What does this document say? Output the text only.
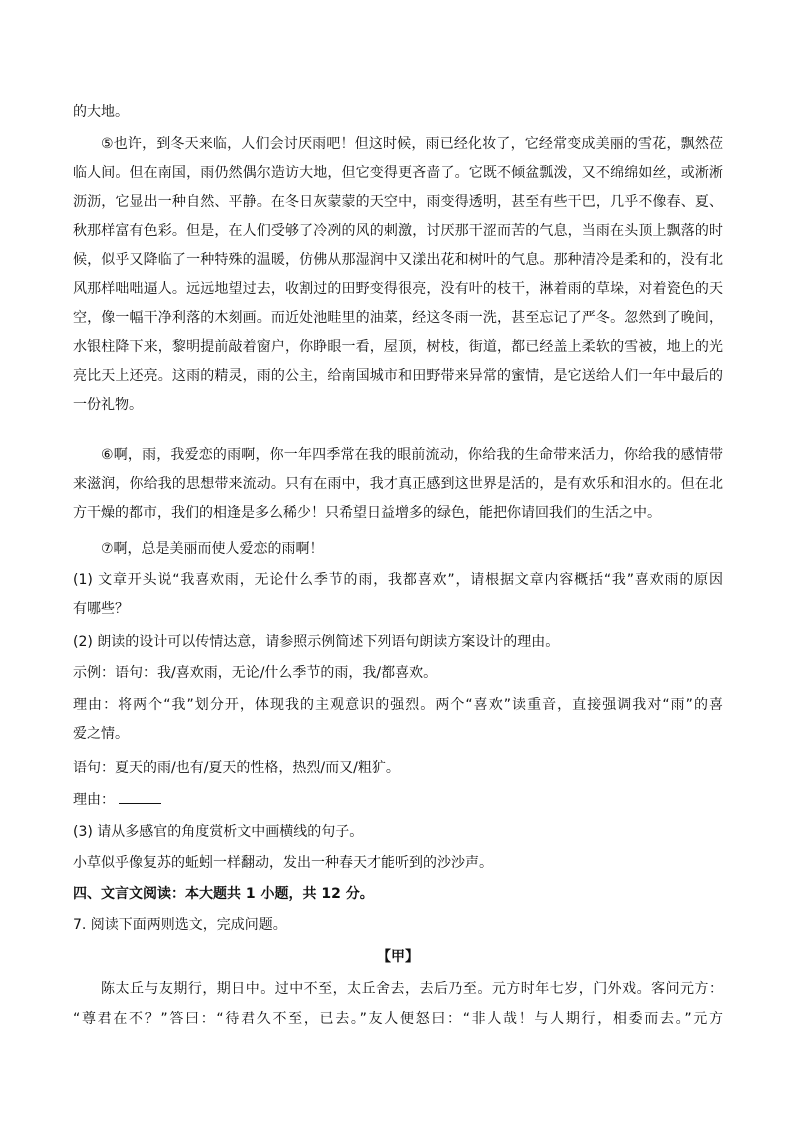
的大地。
⑤也许，到冬天来临，人们会讨厌雨吧！但这时候，雨已经化妆了，它经常变成美丽的雪花，飘然莅
临人间。但在南国，雨仍然偶尔造访大地，但它变得更吝啬了。它既不倾盆瓢泼，又不绵绵如丝，或淅淅
沥沥，它显出一种自然、平静。在冬日灰蒙蒙的天空中，雨变得透明，甚至有些干巴，几乎不像春、夏、
秋那样富有色彩。但是，在人们受够了冷冽的风的刺激，讨厌那干涩而苦的气息，当雨在头顶上飘落的时
候，似乎又降临了一种特殊的温暖，仿佛从那湿润中又漾出花和树叶的气息。那种清冷是柔和的，没有北
风那样咄咄逼人。远远地望过去，收割过的田野变得很亮，没有叶的枝干，淋着雨的草垛，对着瓷色的天
空，像一幅干净利落的木刻画。而近处池畦里的油菜，经这冬雨一洗，甚至忘记了严冬。忽然到了晚间，
水银柱降下来，黎明提前敲着窗户，你睁眼一看，屋顶，树枝，街道，都已经盖上柔软的雪被，地上的光
亮比天上还亮。这雨的精灵，雨的公主，给南国城市和田野带来异常的蜜情，是它送给人们一年中最后的
一份礼物。
⑥啊，雨，我爱恋的雨啊，你一年四季常在我的眼前流动，你给我的生命带来活力，你给我的感情带
来滋润，你给我的思想带来流动。只有在雨中，我才真正感到这世界是活的，是有欢乐和泪水的。但在北
方干燥的都市，我们的相逢是多么稀少！只希望日益增多的绿色，能把你请回我们的生活之中。
⑦啊，总是美丽而使人爱恋的雨啊！
(1) 文章开头说“我喜欢雨，无论什么季节的雨，我都喜欢”，请根据文章内容概括“我”喜欢雨的原因
有哪些？
(2) 朗读的设计可以传情达意，请参照示例简述下列语句朗读方案设计的理由。
示例：语句：我/喜欢雨，无论/什么季节的雨，我/都喜欢。
理由：将两个“我”划分开，体现我的主观意识的强烈。两个“喜欢”读重音，直接强调我对“雨”的喜
爱之情。
语句：夏天的雨/也有/夏天的性格，热烈/而又/粗犷。
理由：
(3) 请从多感官的角度赏析文中画横线的句子。
小草似乎像复苏的蚯蚓一样翻动，发出一种春天才能听到的沙沙声。
四、文言文阅读：本大题共 1 小题，共 12 分。
7. 阅读下面两则选文，完成问题。
【甲】
陈太丘与友期行，期日中。过中不至，太丘舍去，去后乃至。元方时年七岁，门外戏。客问元方：
“尊君在不？”答曰：“待君久不至，已去。”友人便怒曰：“非人哉！与人期行，相委而去。”元方
